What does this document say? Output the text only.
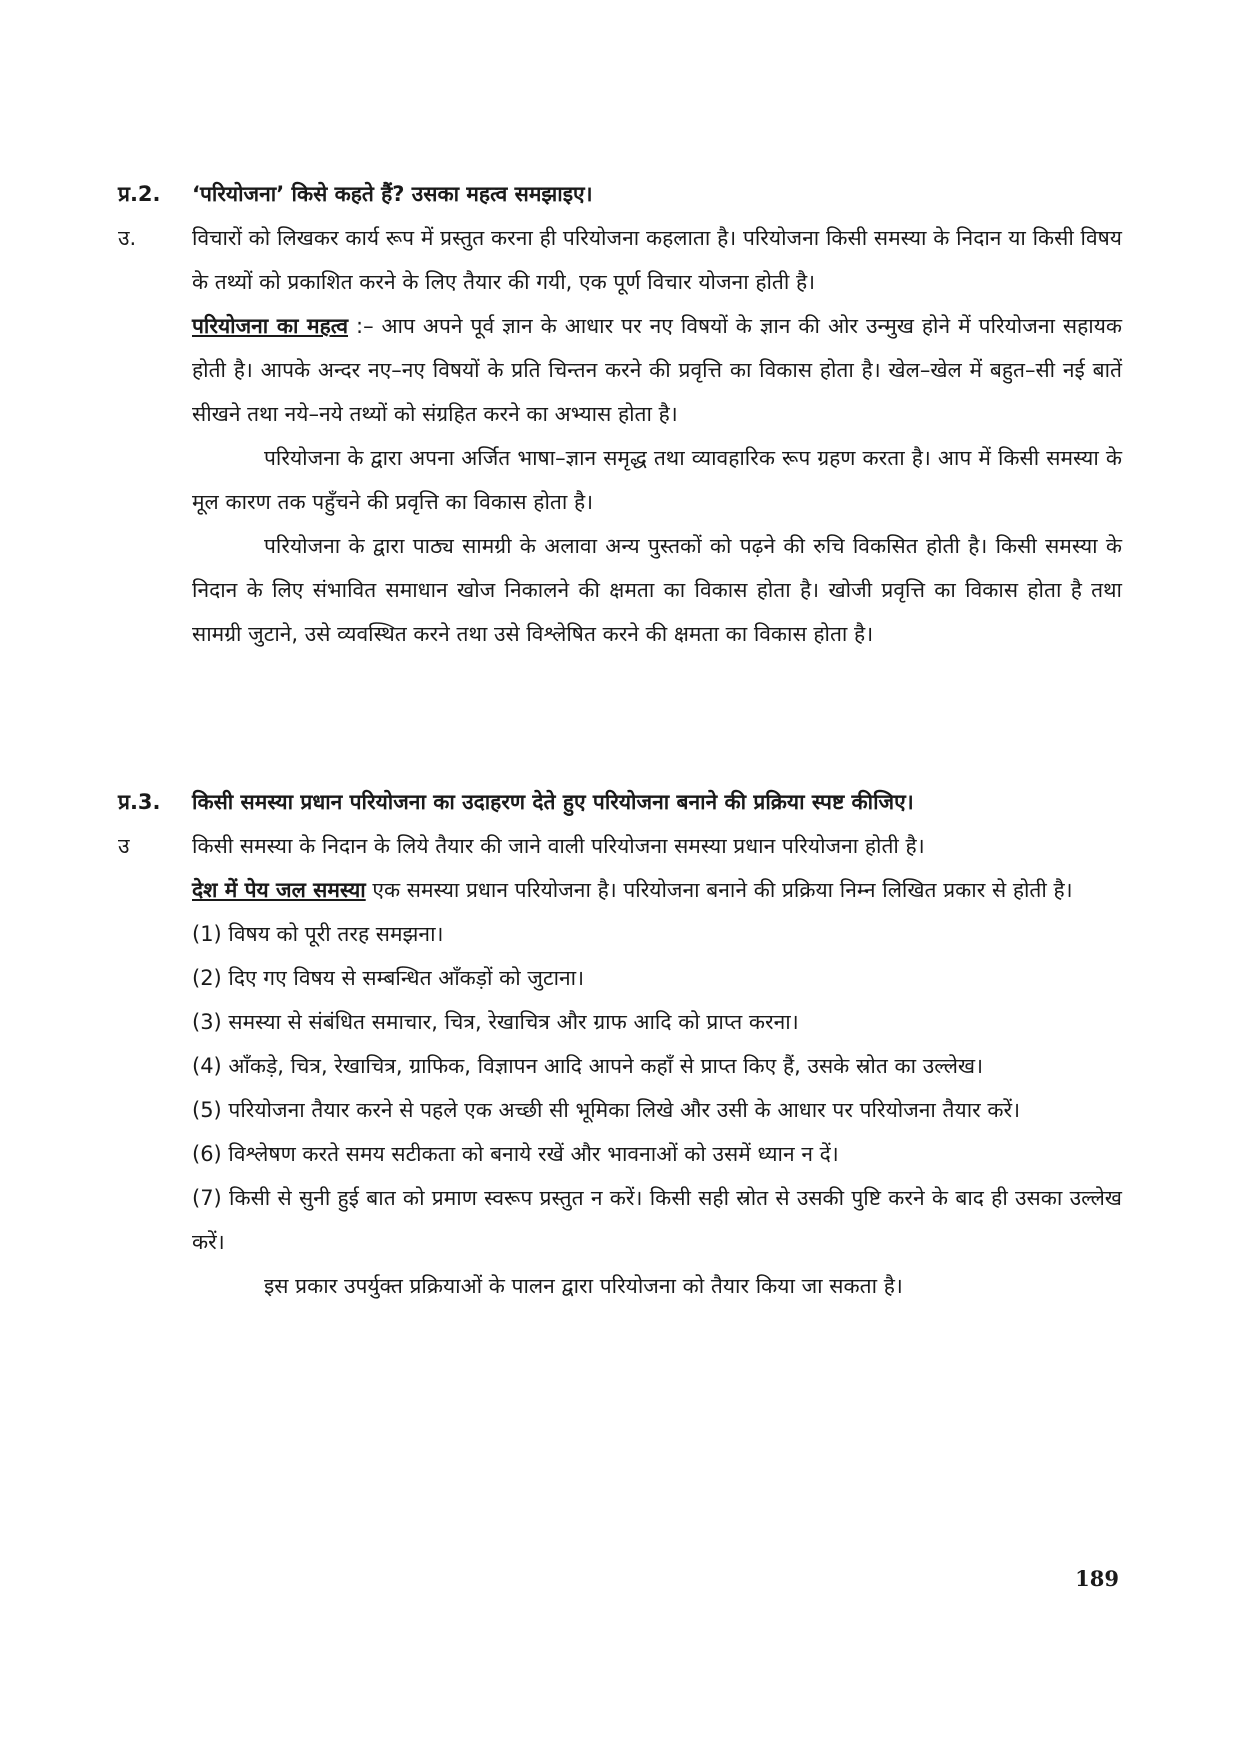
प्र.2.	‘परियोजना’ किसे कहते हैं? उसका महत्व समझाइए।
उ.	विचारों को लिखकर कार्य रूप में प्रस्तुत करना ही परियोजना कहलाता है। परियोजना किसी समस्या के निदान या किसी विषय के तथ्यों को प्रकाशित करने के लिए तैयार की गयी, एक पूर्ण विचार योजना होती है।

परियोजना का महत्व :– आप अपने पूर्व ज्ञान के आधार पर नए विषयों के ज्ञान की ओर उन्मुख होने में परियोजना सहायक होती है। आपके अन्दर नए–नए विषयों के प्रति चिन्तन करने की प्रवृत्ति का विकास होता है। खेल–खेल में बहुत–सी नई बातें सीखने तथा नये–नये तथ्यों को संग्रहित करने का अभ्यास होता है।

परियोजना के द्वारा अपना अर्जित भाषा–ज्ञान समृद्ध तथा व्यावहारिक रूप ग्रहण करता है। आप में किसी समस्या के मूल कारण तक पहुँचने की प्रवृत्ति का विकास होता है।

परियोजना के द्वारा पाठ्य सामग्री के अलावा अन्य पुस्तकों को पढ़ने की रुचि विकसित होती है। किसी समस्या के निदान के लिए संभावित समाधान खोज निकालने की क्षमता का विकास होता है। खोजी प्रवृत्ति का विकास होता है तथा सामग्री जुटाने, उसे व्यवस्थित करने तथा उसे विश्लेषित करने की क्षमता का विकास होता है।

प्र.3.	किसी समस्या प्रधान परियोजना का उदाहरण देते हुए परियोजना बनाने की प्रक्रिया स्पष्ट कीजिए।
उ	किसी समस्या के निदान के लिये तैयार की जाने वाली परियोजना समस्या प्रधान परियोजना होती है।

देश में पेय जल समस्या एक समस्या प्रधान परियोजना है। परियोजना बनाने की प्रक्रिया निम्न लिखित प्रकार से होती है।

(1) विषय को पूरी तरह समझना।

(2) दिए गए विषय से सम्बन्धित आँकड़ों को जुटाना।

(3) समस्या से संबंधित समाचार, चित्र, रेखाचित्र और ग्राफ आदि को प्राप्त करना।

(4) आँकड़े, चित्र, रेखाचित्र, ग्राफिक, विज्ञापन आदि आपने कहाँ से प्राप्त किए हैं, उसके स्रोत का उल्लेख।

(5) परियोजना तैयार करने से पहले एक अच्छी सी भूमिका लिखे और उसी के आधार पर परियोजना तैयार करें।

(6) विश्लेषण करते समय सटीकता को बनाये रखें और भावनाओं को उसमें ध्यान न दें।

(7) किसी से सुनी हुई बात को प्रमाण स्वरूप प्रस्तुत न करें। किसी सही स्रोत से उसकी पुष्टि करने के बाद ही उसका उल्लेख करें।

इस प्रकार उपर्युक्त प्रक्रियाओं के पालन द्वारा परियोजना को तैयार किया जा सकता है।

189
